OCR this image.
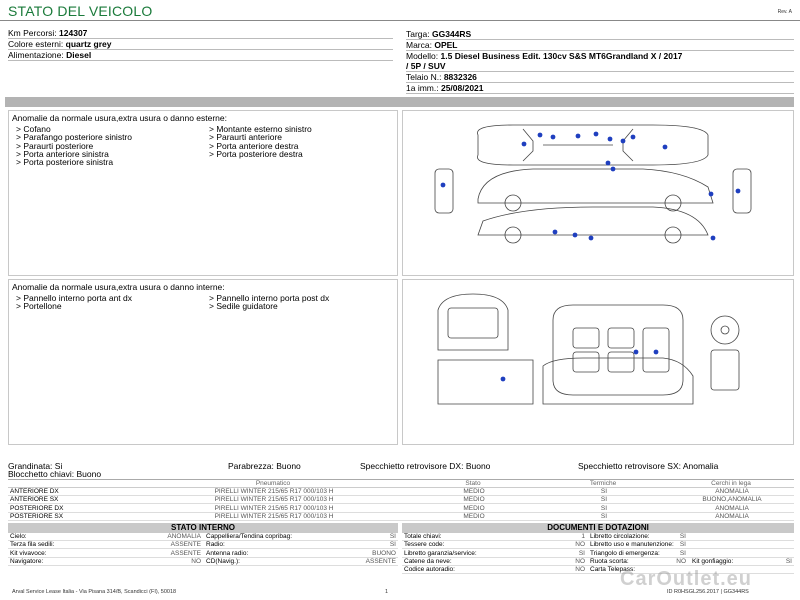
STATO DEL VEICOLO	Rev. A
Km Percorsi: 124307
Colore esterni: quartz grey
Alimentazione: Diesel
Targa: GG344RS
Marca: OPEL
Modello: 1.5 Diesel Business Edit. 130cv S&S MT6Grandland X / 2017
/ 5P / SUV
Telaio N.: 8832326
1a imm.: 25/08/2021
Anomalie da normale usura,extra usura o danno esterne:
> Cofano
> Parafango posteriore sinistro
> Paraurti posteriore
> Porta anteriore sinistra
> Porta posteriore sinistra
> Montante esterno sinistro
> Paraurti anteriore
> Porta anteriore destra
> Porta posteriore destra
Anomalie da normale usura,extra usura o danno interne:
> Pannello interno porta ant dx
> Portellone
> Pannello interno porta post dx
> Sedile guidatore
Grandinata: Si	Parabrezza: Buono	Specchietto retrovisore DX: Buono	Specchietto retrovisore SX: Anomalia
Blocchetto chiavi: Buono
Pneumatico	Stato	Termiche	Cerchi in lega
ANTERIORE DX	PIRELLI WINTER 215/65 R17 000/103 H	MEDIO	SI	ANOMALIA
ANTERIORE SX	PIRELLI WINTER 215/65 R17 000/103 H	MEDIO	SI	BUONO,ANOMALIA
POSTERIORE DX	PIRELLI WINTER 215/65 R17 000/103 H	MEDIO	SI	ANOMALIA
POSTERIORE SX	PIRELLI WINTER 215/65 R17 000/103 H	MEDIO	SI	ANOMALIA
STATO INTERNO
Cielo:	ANOMALIA Cappelliera/Tendina copribag:	SI
Terza fila sedili:	ASSENTE Radio:	SI
Kit vivavoce:	ASSENTE Antenna radio:	BUONO
Navigatore:	NO CD(Navig.):	ASSENTE
DOCUMENTI E DOTAZIONI
Totale chiavi:	1 Libretto circolazione:	SI
Tessere code:	NO Libretto uso e manutenzione: SI
Libretto garanzia/service:	SI Triangolo di emergenza:	SI
Catene da neve:	NO Ruota scorta:	NO Kit gonfiaggio:	SI
Codice autoradio:	NO Carta Telepass:
Arval Service Lease Italia - Via Pisana 314/B, Scandicci (FI), 50018	1	ID R0HSGL256.2017 | GG344RS
CarOutlet.eu
